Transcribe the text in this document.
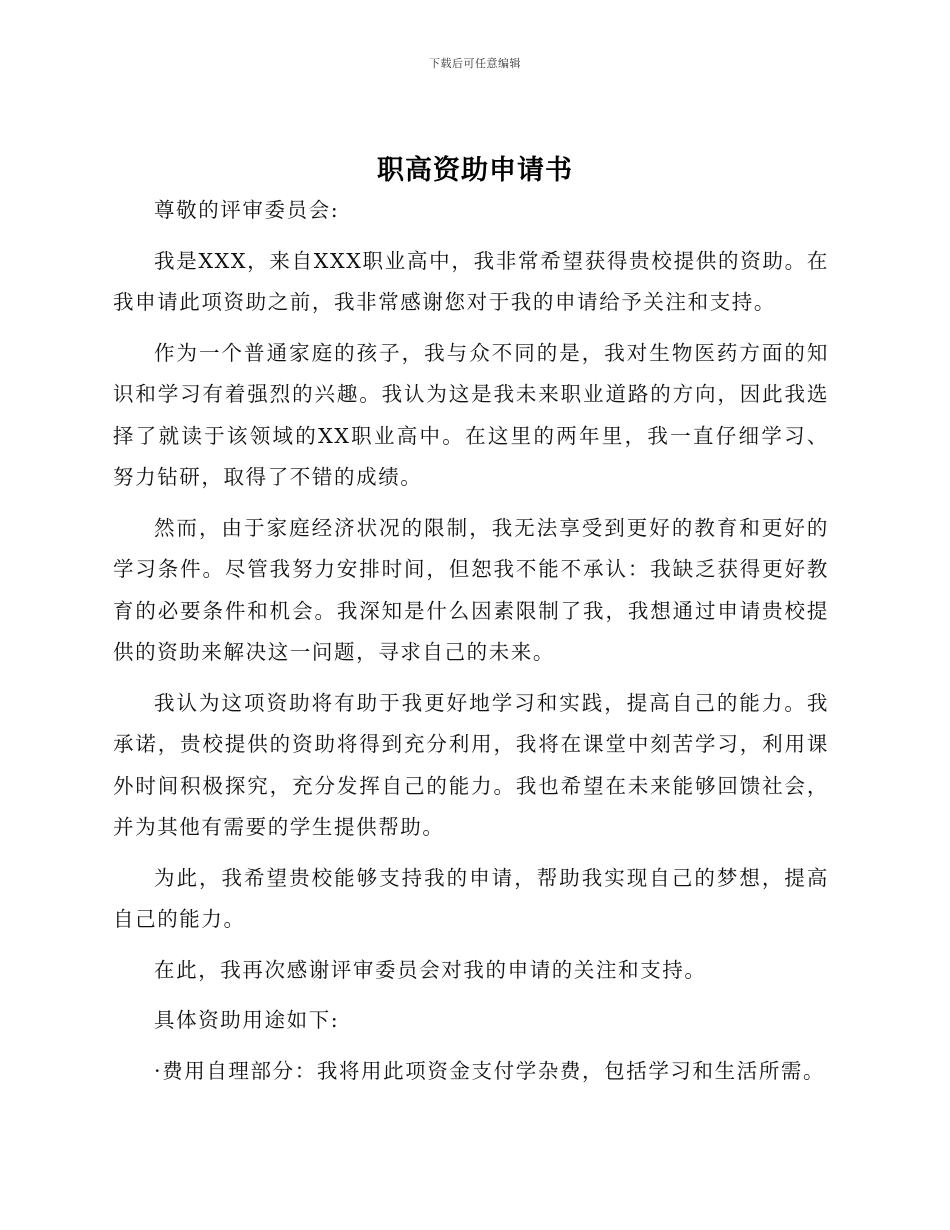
下载后可任意编辑
职高资助申请书

尊敬的评审委员会:

我是XXX，来自XXX职业高中，我非常希望获得贵校提供的资助。在我申请此项资助之前，我非常感谢您对于我的申请给予关注和支持。

作为一个普通家庭的孩子，我与众不同的是，我对生物医药方面的知识和学习有着强烈的兴趣。我认为这是我未来职业道路的方向，因此我选择了就读于该领域的XX职业高中。在这里的两年里，我一直仔细学习、努力钻研，取得了不错的成绩。

然而，由于家庭经济状况的限制，我无法享受到更好的教育和更好的学习条件。尽管我努力安排时间，但恕我不能不承认：我缺乏获得更好教育的必要条件和机会。我深知是什么因素限制了我，我想通过申请贵校提供的资助来解决这一问题，寻求自己的未来。

我认为这项资助将有助于我更好地学习和实践，提高自己的能力。我承诺，贵校提供的资助将得到充分利用，我将在课堂中刻苦学习，利用课外时间积极探究，充分发挥自己的能力。我也希望在未来能够回馈社会，并为其他有需要的学生提供帮助。

为此，我希望贵校能够支持我的申请，帮助我实现自己的梦想，提高自己的能力。

在此，我再次感谢评审委员会对我的申请的关注和支持。

具体资助用途如下:

·费用自理部分：我将用此项资金支付学杂费，包括学习和生活所需。
